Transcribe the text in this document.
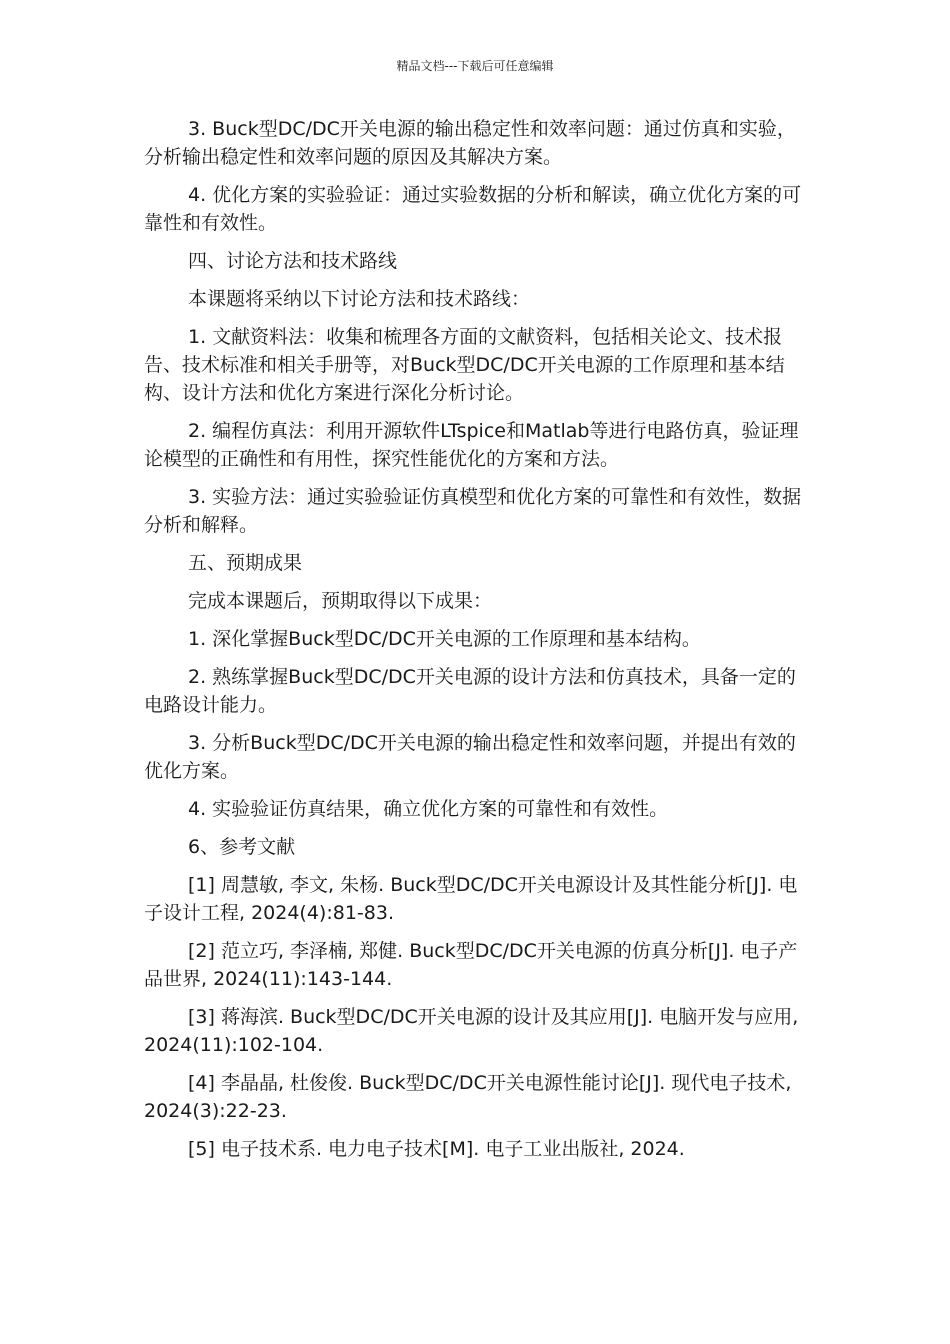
精品文档---下载后可任意编辑

3. Buck型DC/DC开关电源的输出稳定性和效率问题：通过仿真和实验，分析输出稳定性和效率问题的原因及其解决方案。

4. 优化方案的实验验证：通过实验数据的分析和解读，确立优化方案的可靠性和有效性。

四、讨论方法和技术路线

本课题将采纳以下讨论方法和技术路线：

1. 文献资料法：收集和梳理各方面的文献资料，包括相关论文、技术报告、技术标准和相关手册等，对Buck型DC/DC开关电源的工作原理和基本结构、设计方法和优化方案进行深化分析讨论。

2. 编程仿真法：利用开源软件LTspice和Matlab等进行电路仿真，验证理论模型的正确性和有用性，探究性能优化的方案和方法。

3. 实验方法：通过实验验证仿真模型和优化方案的可靠性和有效性，数据分析和解释。

五、预期成果

完成本课题后，预期取得以下成果：

1. 深化掌握Buck型DC/DC开关电源的工作原理和基本结构。

2. 熟练掌握Buck型DC/DC开关电源的设计方法和仿真技术，具备一定的电路设计能力。

3. 分析Buck型DC/DC开关电源的输出稳定性和效率问题，并提出有效的优化方案。

4. 实验验证仿真结果，确立优化方案的可靠性和有效性。

6、参考文献

[1] 周慧敏, 李文, 朱杨. Buck型DC/DC开关电源设计及其性能分析[J]. 电子设计工程, 2024(4):81-83.

[2] 范立巧, 李泽楠, 郑健. Buck型DC/DC开关电源的仿真分析[J]. 电子产品世界, 2024(11):143-144.

[3] 蒋海滨. Buck型DC/DC开关电源的设计及其应用[J]. 电脑开发与应用, 2024(11):102-104.

[4] 李晶晶, 杜俊俊. Buck型DC/DC开关电源性能讨论[J]. 现代电子技术, 2024(3):22-23.

[5] 电子技术系. 电力电子技术[M]. 电子工业出版社, 2024.
